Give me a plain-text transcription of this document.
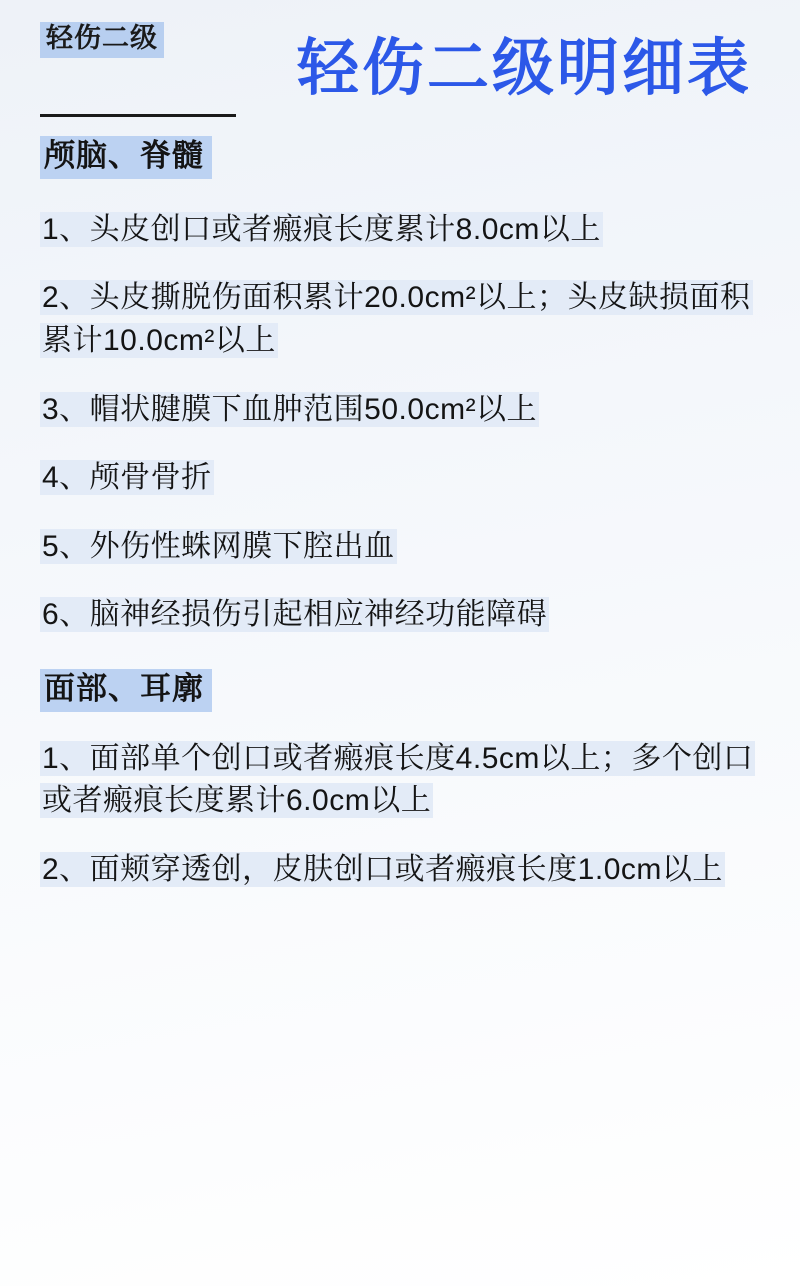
轻伤二级 轻伤二级明细表
颅脑、脊髓

1、头皮创口或者瘢痕长度累计8.0cm以上

2、头皮撕脱伤面积累计20.0cm²以上；头皮缺损面积累计10.0cm²以上

3、帽状腱膜下血肿范围50.0cm²以上

4、颅骨骨折

5、外伤性蛛网膜下腔出血

6、脑神经损伤引起相应神经功能障碍

面部、耳廓

1、面部单个创口或者瘢痕长度4.5cm以上；多个创口或者瘢痕长度累计6.0cm以上

2、面颊穿透创，皮肤创口或者瘢痕长度1.0cm以上
